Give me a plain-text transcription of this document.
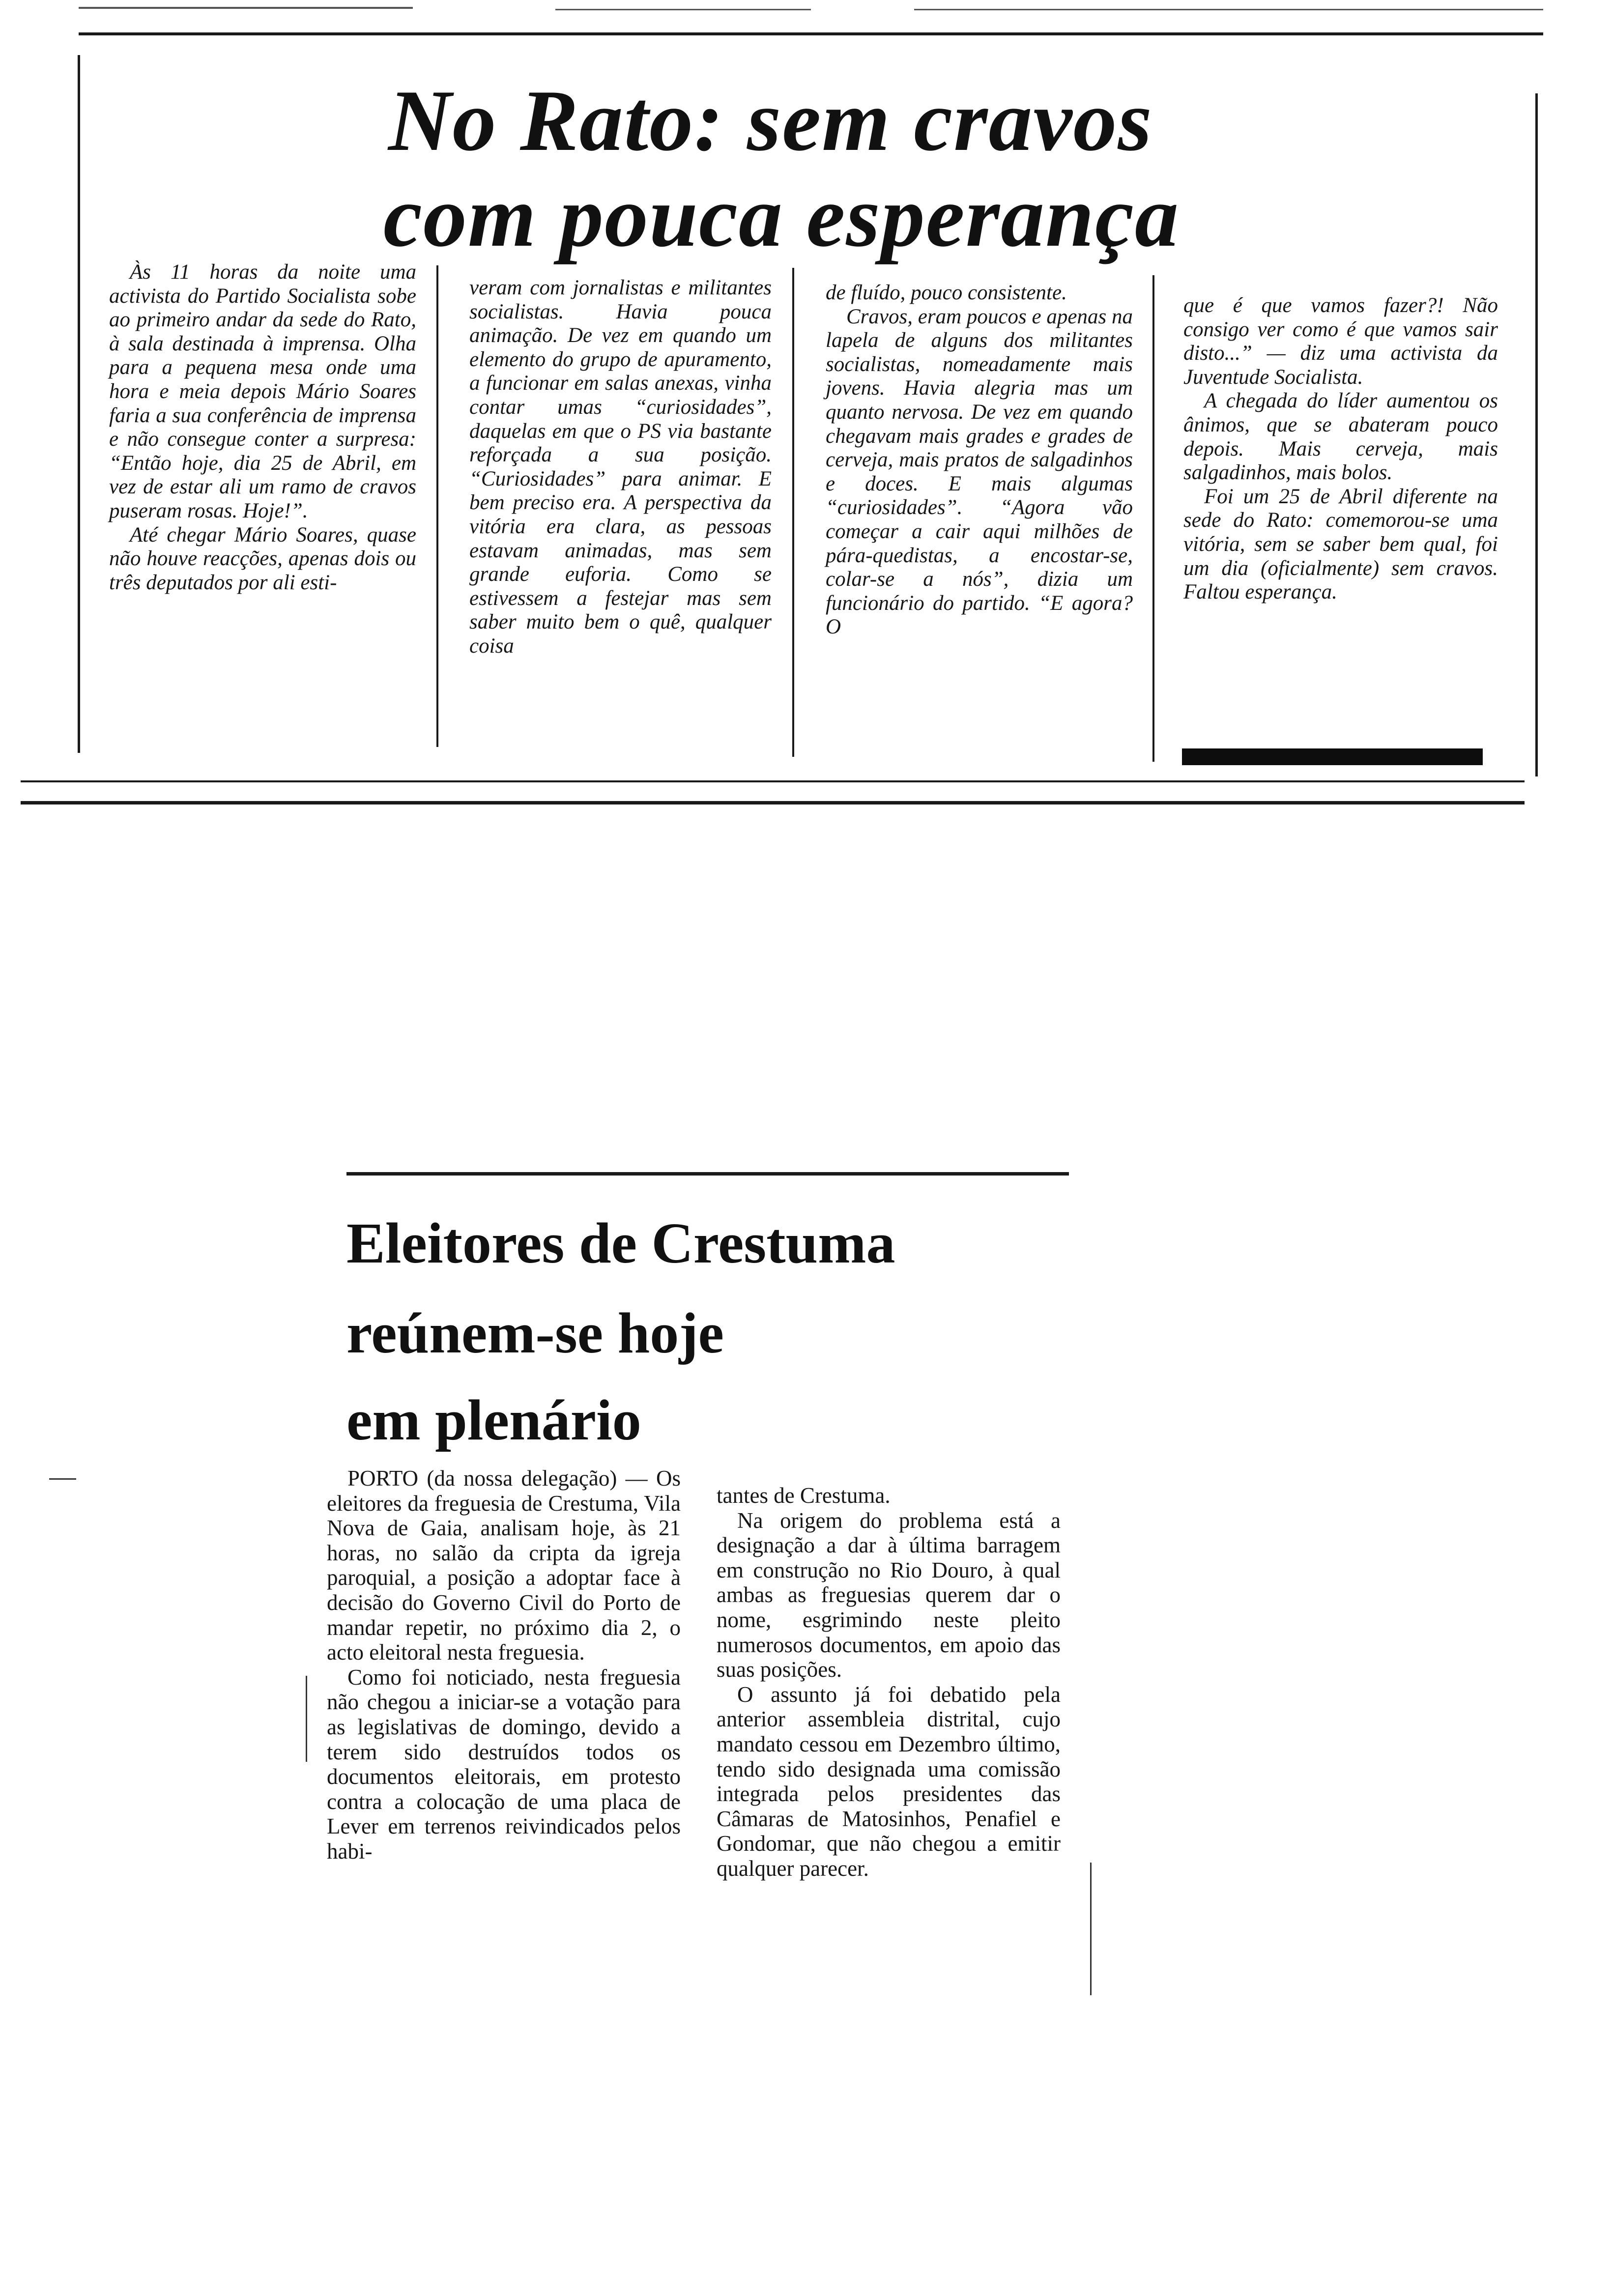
No Rato: sem cravos
com pouca esperança

Às 11 horas da noite uma activista do Partido Socialista sobe ao primeiro andar da sede do Rato, à sala destinada à imprensa. Olha para a pequena mesa onde uma hora e meia depois Mário Soares faria a sua conferência de imprensa e não consegue conter a surpresa: “Então hoje, dia 25 de Abril, em vez de estar ali um ramo de cravos puseram rosas. Hoje!”.

Até chegar Mário Soares, quase não houve reacções, apenas dois ou três deputados por ali esti-

veram com jornalistas e militantes socialistas. Havia pouca animação. De vez em quando um elemento do grupo de apuramento, a funcionar em salas anexas, vinha contar umas “curiosidades”, daquelas em que o PS via bastante reforçada a sua posição. “Curiosidades” para animar. E bem preciso era. A perspectiva da vitória era clara, as pessoas estavam animadas, mas sem grande euforia. Como se estivessem a festejar mas sem saber muito bem o quê, qualquer coisa

de fluído, pouco consistente.

Cravos, eram poucos e apenas na lapela de alguns dos militantes socialistas, nomeadamente mais jovens. Havia alegria mas um quanto nervosa. De vez em quando chegavam mais grades e grades de cerveja, mais pratos de salgadinhos e doces. E mais algumas “curiosidades”. “Agora vão começar a cair aqui milhões de pára-quedistas, a encostar-se, colar-se a nós”, dizia um funcionário do partido. “E agora? O

que é que vamos fazer?! Não consigo ver como é que vamos sair disto...” — diz uma activista da Juventude Socialista.

A chegada do líder aumentou os ânimos, que se abateram pouco depois. Mais cerveja, mais salgadinhos, mais bolos.

Foi um 25 de Abril diferente na sede do Rato: comemorou-se uma vitória, sem se saber bem qual, foi um dia (oficialmente) sem cravos. Faltou esperança.

Eleitores de Crestuma
reúnem-se hoje
em plenário

PORTO (da nossa delegação) — Os eleitores da freguesia de Crestuma, Vila Nova de Gaia, analisam hoje, às 21 horas, no salão da cripta da igreja paroquial, a posição a adoptar face à decisão do Governo Civil do Porto de mandar repetir, no próximo dia 2, o acto eleitoral nesta freguesia.

Como foi noticiado, nesta freguesia não chegou a iniciar-se a votação para as legislativas de domingo, devido a terem sido destruídos todos os documentos eleitorais, em protesto contra a colocação de uma placa de Lever em terrenos reivindicados pelos habi-

tantes de Crestuma.

Na origem do problema está a designação a dar à última barragem em construção no Rio Douro, à qual ambas as freguesias querem dar o nome, esgrimindo neste pleito numerosos documentos, em apoio das suas posições.

O assunto já foi debatido pela anterior assembleia distrital, cujo mandato cessou em Dezembro último, tendo sido designada uma comissão integrada pelos presidentes das Câmaras de Matosinhos, Penafiel e Gondomar, que não chegou a emitir qualquer parecer.
